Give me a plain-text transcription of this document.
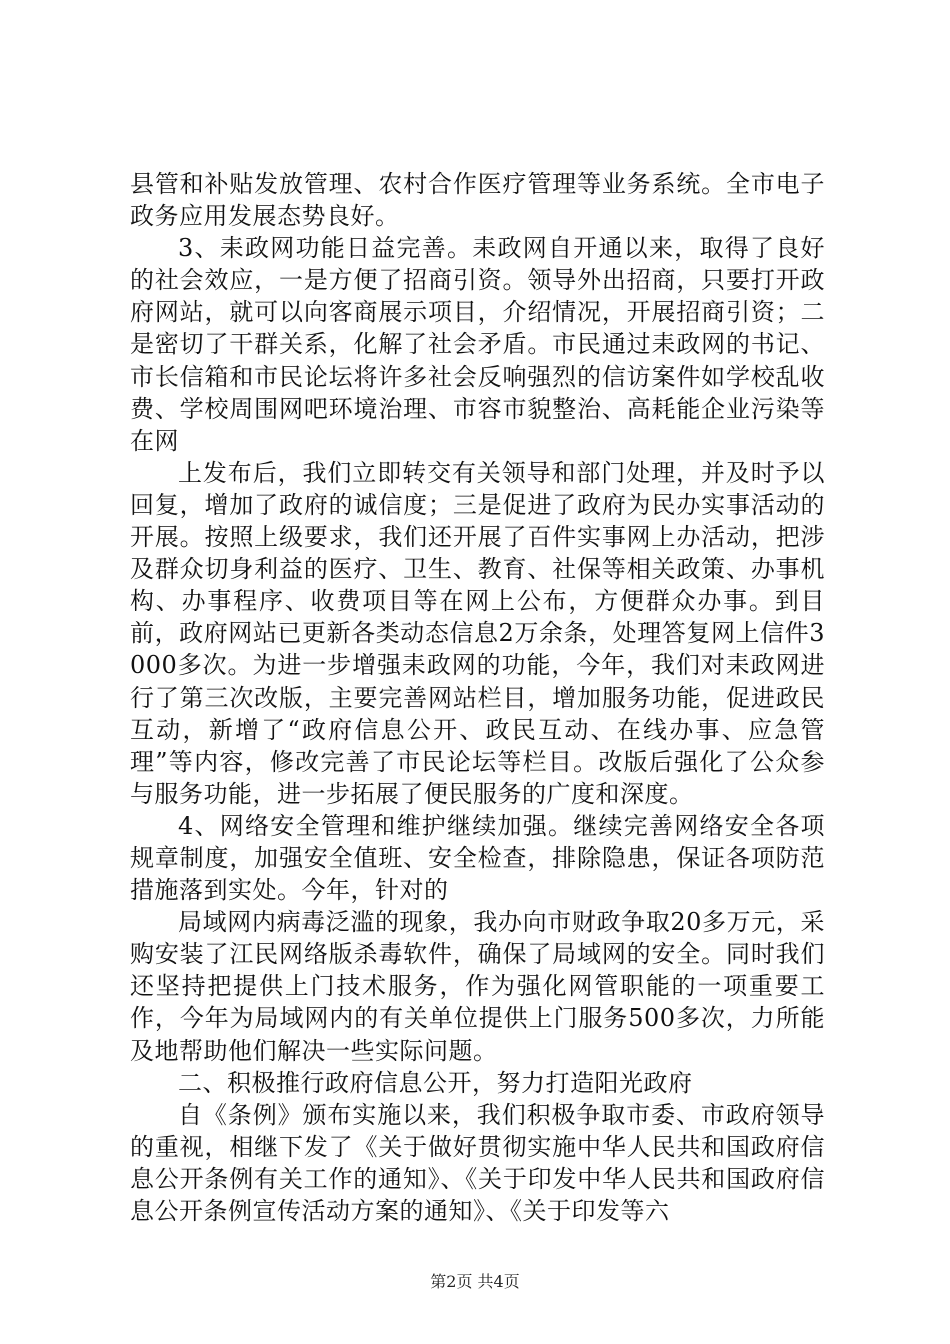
县管和补贴发放管理、农村合作医疗管理等业务系统。全市电子政务应用发展态势良好。

3、耒政网功能日益完善。耒政网自开通以来，取得了良好的社会效应，一是方便了招商引资。领导外出招商，只要打开政府网站，就可以向客商展示项目，介绍情况，开展招商引资；二是密切了干群关系，化解了社会矛盾。市民通过耒政网的书记、市长信箱和市民论坛将许多社会反响强烈的信访案件如学校乱收费、学校周围网吧环境治理、市容市貌整治、高耗能企业污染等在网

上发布后，我们立即转交有关领导和部门处理，并及时予以回复，增加了政府的诚信度；三是促进了政府为民办实事活动的开展。按照上级要求，我们还开展了百件实事网上办活动，把涉及群众切身利益的医疗、卫生、教育、社保等相关政策、办事机构、办事程序、收费项目等在网上公布，方便群众办事。到目前，政府网站已更新各类动态信息2万余条，处理答复网上信件3000多次。为进一步增强耒政网的功能，今年，我们对耒政网进行了第三次改版，主要完善网站栏目，增加服务功能，促进政民互动，新增了“政府信息公开、政民互动、在线办事、应急管理”等内容，修改完善了市民论坛等栏目。改版后强化了公众参与服务功能，进一步拓展了便民服务的广度和深度。

4、网络安全管理和维护继续加强。继续完善网络安全各项规章制度，加强安全值班、安全检查，排除隐患，保证各项防范措施落到实处。今年，针对的

局域网内病毒泛滥的现象，我办向市财政争取20多万元，采购安装了江民网络版杀毒软件，确保了局域网的安全。同时我们还坚持把提供上门技术服务，作为强化网管职能的一项重要工作，今年为局域网内的有关单位提供上门服务500多次，力所能及地帮助他们解决一些实际问题。

二、积极推行政府信息公开，努力打造阳光政府

自《条例》颁布实施以来，我们积极争取市委、市政府领导的重视，相继下发了《关于做好贯彻实施中华人民共和国政府信息公开条例有关工作的通知》、《关于印发中华人民共和国政府信息公开条例宣传活动方案的通知》、《关于印发等六

第2页 共4页
